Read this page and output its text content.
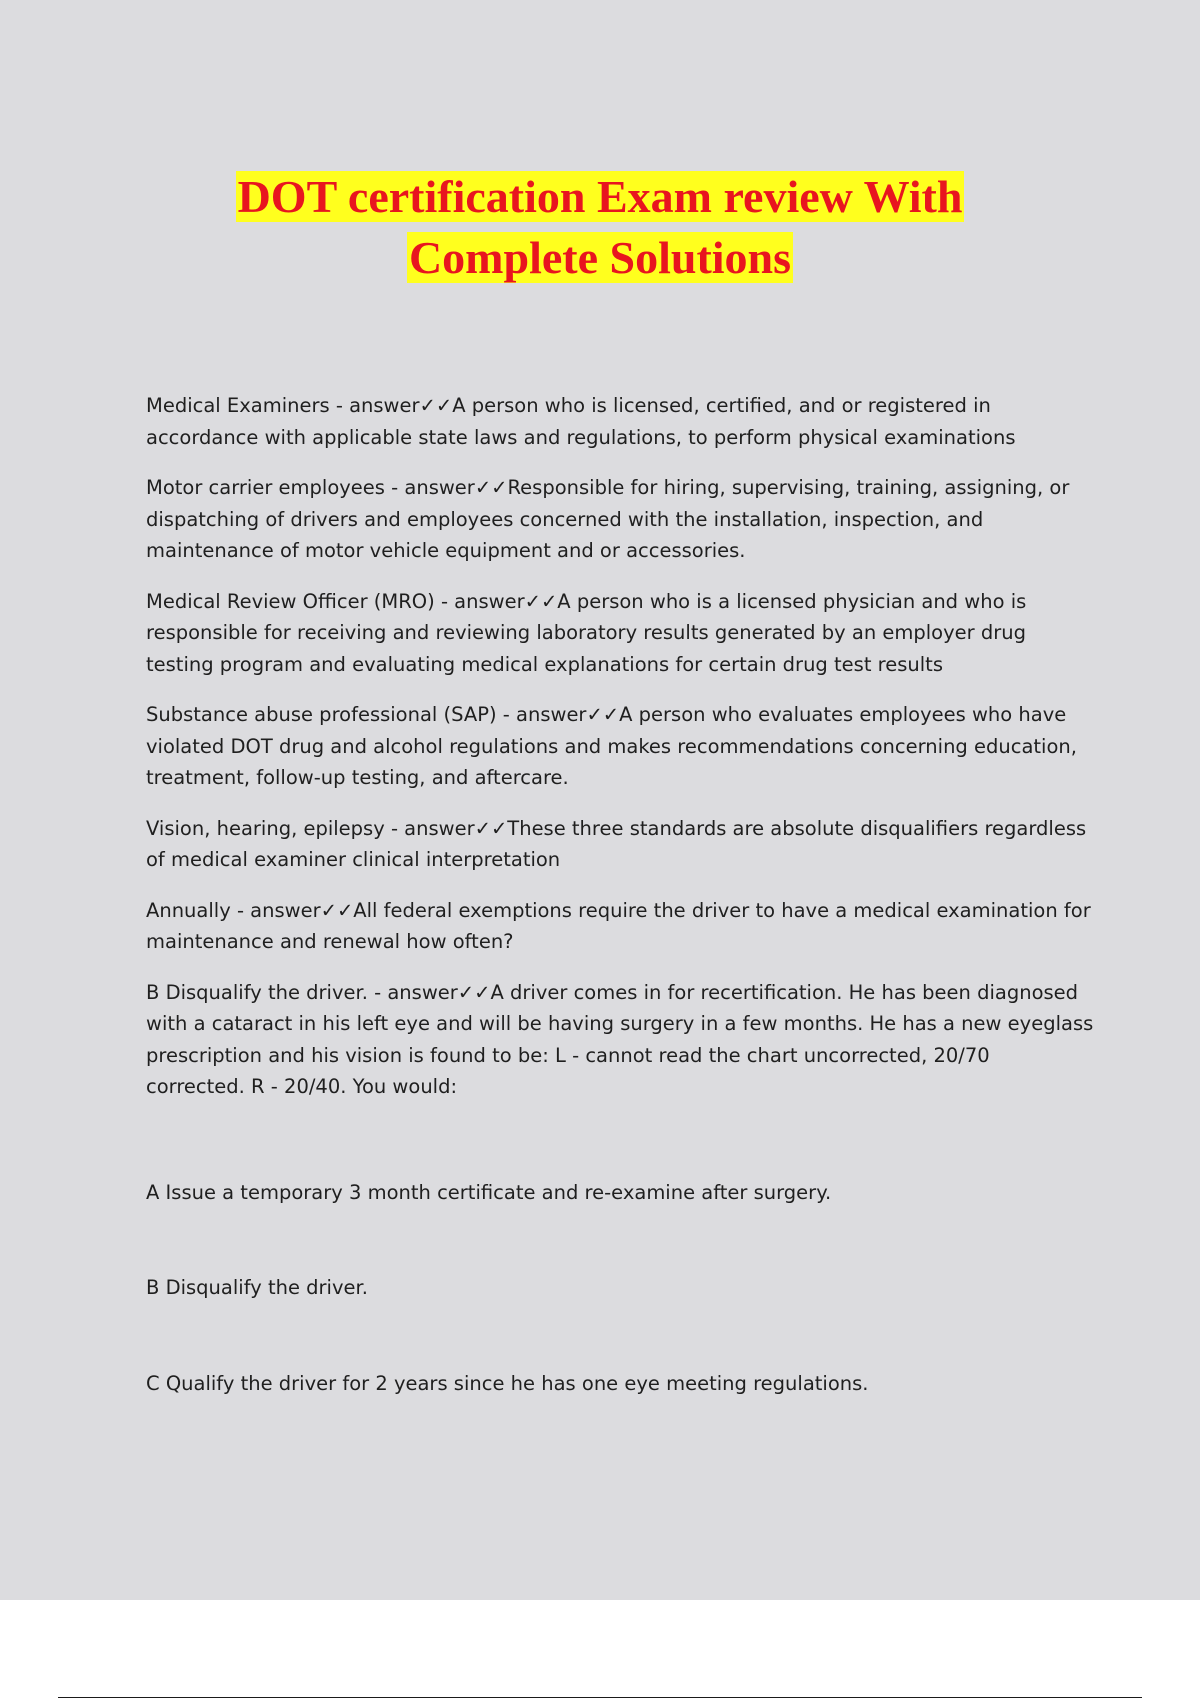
DOT certification Exam review With
Complete Solutions

Medical Examiners - answer✓✓A person who is licensed, certified, and or registered in accordance with applicable state laws and regulations, to perform physical examinations

Motor carrier employees - answer✓✓Responsible for hiring, supervising, training, assigning, or dispatching of drivers and employees concerned with the installation, inspection, and maintenance of motor vehicle equipment and or accessories.

Medical Review Officer (MRO) - answer✓✓A person who is a licensed physician and who is responsible for receiving and reviewing laboratory results generated by an employer drug testing program and evaluating medical explanations for certain drug test results

Substance abuse professional (SAP) - answer✓✓A person who evaluates employees who have violated DOT drug and alcohol regulations and makes recommendations concerning education, treatment, follow-up testing, and aftercare.

Vision, hearing, epilepsy - answer✓✓These three standards are absolute disqualifiers regardless of medical examiner clinical interpretation

Annually - answer✓✓All federal exemptions require the driver to have a medical examination for maintenance and renewal how often?

B Disqualify the driver. - answer✓✓A driver comes in for recertification. He has been diagnosed with a cataract in his left eye and will be having surgery in a few months. He has a new eyeglass prescription and his vision is found to be: L - cannot read the chart uncorrected, 20/70 corrected. R - 20/40. You would:

A Issue a temporary 3 month certificate and re-examine after surgery.
B Disqualify the driver.
C Qualify the driver for 2 years since he has one eye meeting regulations.
